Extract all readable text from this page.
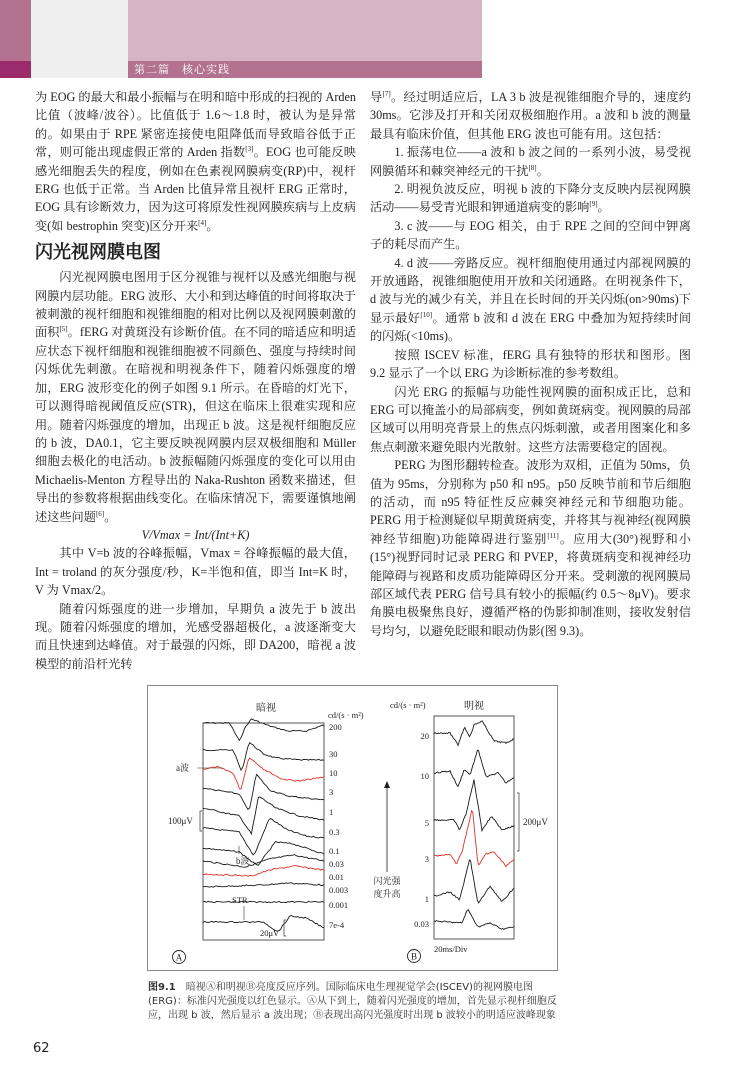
第二篇　核心实践

为 EOG 的最大和最小振幅与在明和暗中形成的扫视的 Arden 比值（波峰/波谷）。比值低于 1.6～1.8 时，被认为是异常的。如果由于 RPE 紧密连接使电阻降低而导致暗谷低于正常，则可能出现虚假正常的 Arden 指数[3]。EOG 也可能反映感光细胞丢失的程度，例如在色素视网膜病变(RP)中，视杆 ERG 也低于正常。当 Arden 比值异常且视杆 ERG 正常时，EOG 具有诊断效力，因为这可将原发性视网膜疾病与上皮病变(如 bestrophin 突变)区分开来[4]。

闪光视网膜电图

闪光视网膜电图用于区分视锥与视杆以及感光细胞与视网膜内层功能。ERG 波形、大小和到达峰值的时间将取决于被刺激的视杆细胞和视锥细胞的相对比例以及视网膜刺激的面积[5]。fERG 对黄斑没有诊断价值。在不同的暗适应和明适应状态下视杆细胞和视锥细胞被不同颜色、强度与持续时间闪烁优先刺激。在暗视和明视条件下，随着闪烁强度的增加，ERG 波形变化的例子如图 9.1 所示。在昏暗的灯光下，可以测得暗视阈值反应(STR)，但这在临床上很难实现和应用。随着闪烁强度的增加，出现正 b 波。这是视杆细胞反应的 b 波，DA0.1，它主要反映视网膜内层双极细胞和 Müller 细胞去极化的电活动。b 波振幅随闪烁强度的变化可以用由 Michaelis-Menton 方程导出的 Naka-Rushton 函数来描述，但导出的参数将根据曲线变化。在临床情况下，需要谨慎地阐述这些问题[6]。

V/Vmax = Int/(Int+K)

其中 V=b 波的谷峰振幅，Vmax = 谷峰振幅的最大值，Int = troland 的灰分强度/秒，K=半饱和值，即当 Int=K 时，V 为 Vmax/2。

随着闪烁强度的进一步增加，早期负 a 波先于 b 波出现。随着闪烁强度的增加，光感受器超极化，a 波逐渐变大而且快速到达峰值。对于最强的闪烁，即 DA200，暗视 a 波模型的前沿杆光转

导[7]。经过明适应后，LA 3 b 波是视锥细胞介导的，速度约 30ms。它涉及打开和关闭双极细胞作用。a 波和 b 波的测量最具有临床价值，但其他 ERG 波也可能有用。这包括：

1. 振荡电位——a 波和 b 波之间的一系列小波，易受视网膜循环和棘突神经元的干扰[8]。

2. 明视负波反应，明视 b 波的下降分支反映内层视网膜活动——易受青光眼和钾通道病变的影响[9]。

3. c 波——与 EOG 相关，由于 RPE 之间的空间中钾离子的耗尽而产生。

4. d 波——旁路反应。视杆细胞使用通过内部视网膜的开放通路，视锥细胞使用开放和关闭通路。在明视条件下，d 波与光的减少有关，并且在长时间的开关闪烁(on>90ms)下显示最好[10]。通常 b 波和 d 波在 ERG 中叠加为短持续时间的闪烁(<10ms)。

按照 ISCEV 标准，fERG 具有独特的形状和图形。图 9.2 显示了一个以 ERG 为诊断标准的参考数组。

闪光 ERG 的振幅与功能性视网膜的面积成正比，总和 ERG 可以掩盖小的局部病变，例如黄斑病变。视网膜的局部区域可以用明亮背景上的焦点闪烁刺激，或者用图案化和多焦点刺激来避免眼内光散射。这些方法需要稳定的固视。

PERG 为图形翻转检查。波形为双相，正值为 50ms，负值为 95ms，分别称为 p50 和 n95。p50 反映节前和节后细胞的活动，而 n95 特征性反应棘突神经元和节细胞功能。PERG 用于检测疑似早期黄斑病变，并将其与视神经(视网膜神经节细胞)功能障碍进行鉴别[11]。应用大(30°)视野和小(15°)视野同时记录 PERG 和 PVEP，将黄斑病变和视神经功能障碍与视路和皮质功能障碍区分开来。受刺激的视网膜局部区域代表 PERG 信号具有较小的振幅(约 0.5～8μV)。要求角膜电极聚焦良好，遵循严格的伪影抑制准则，接收发射信号均匀，以避免眨眼和眼动伪影(图 9.3)。

暗视	明视
cd/(s · m²)
cd/(s · m²)
200
30
10
3
1
0.3
0.1
0.03
0.01
0.003
0.001
7e-4
20
10
5
3
1
0.03
a波
100μV
b波
STR
20μV
闪光强
度升高
200μV
20ms/Div
A	B
图9.1 暗视Ⓐ和明视Ⓑ亮度反应序列。国际临床电生理视觉学会(ISCEV)的视网膜电图(ERG)：标准闪光强度以红色显示。Ⓐ从下到上，随着闪光强度的增加，首先显示视杆细胞反应，出现 b 波，然后显示 a 波出现；Ⓑ表现出高闪光强度时出现 b 波较小的明适应波峰现象
62
